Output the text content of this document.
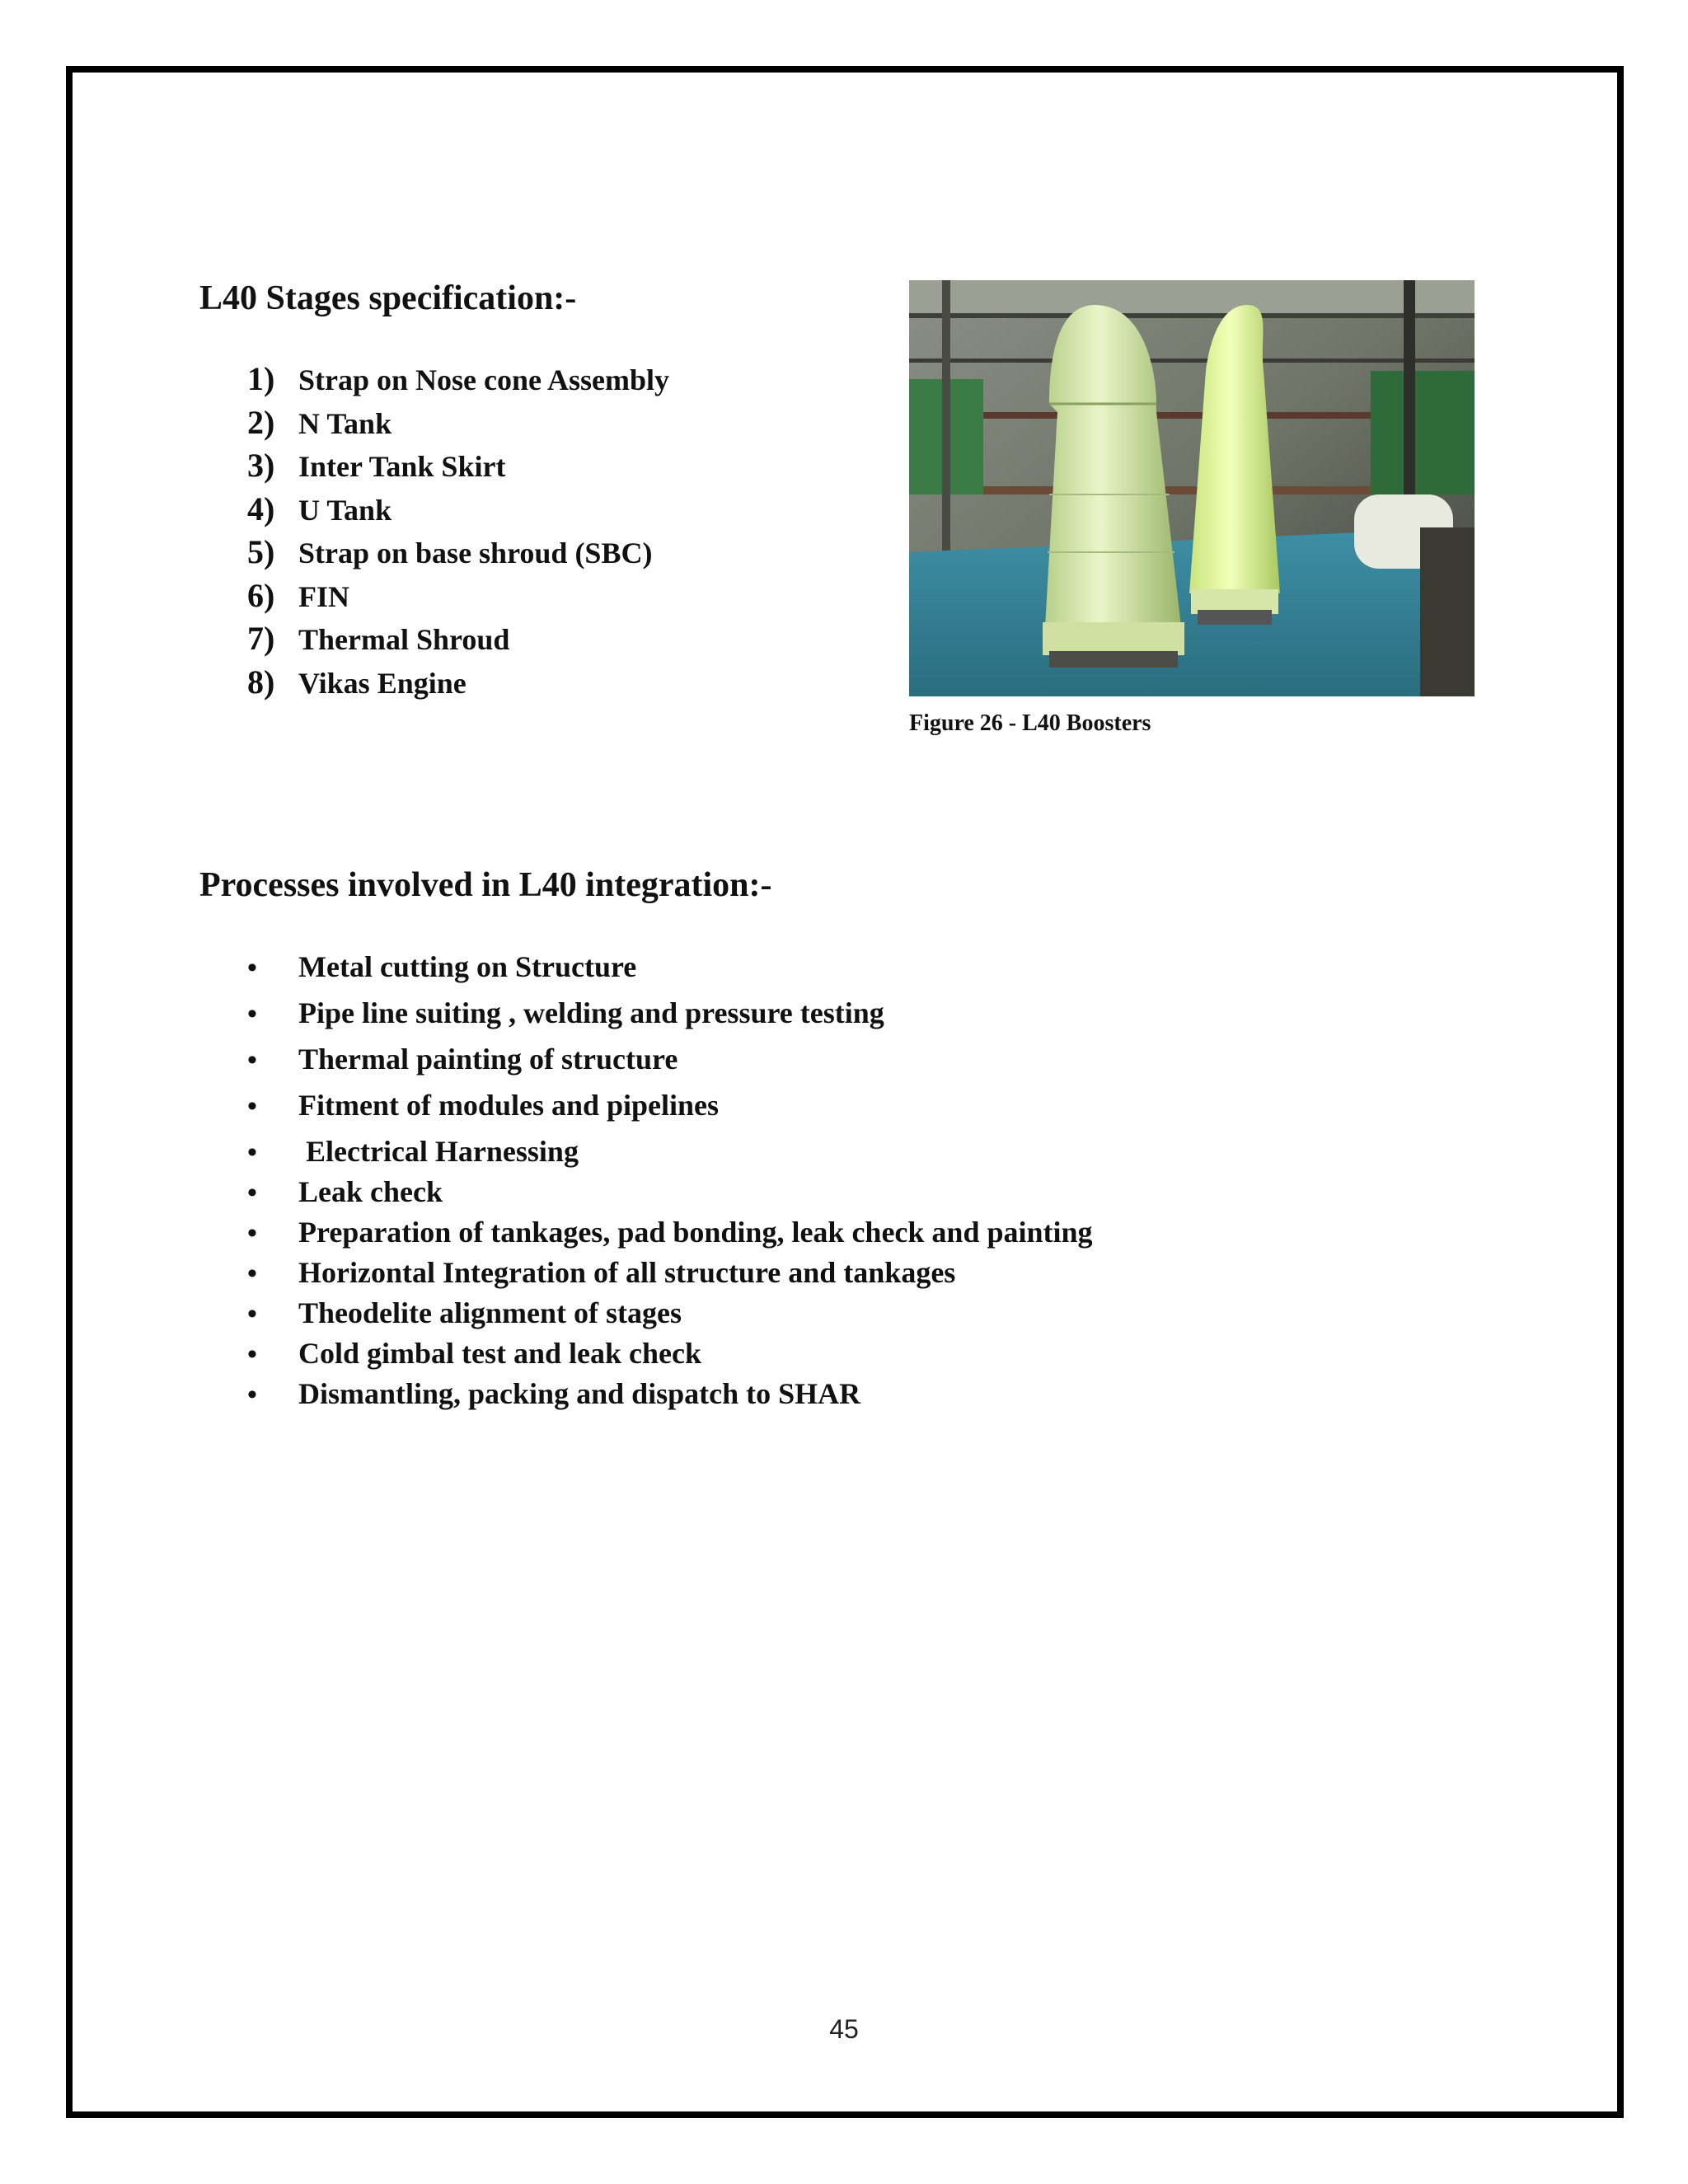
L40 Stages specification:-
1) Strap on Nose cone Assembly
2) N Tank
3) Inter Tank Skirt
4) U Tank
5) Strap on base shroud (SBC)
6) FIN
7) Thermal Shroud
8) Vikas Engine

Figure 26 - L40 Boosters

Processes involved in L40 integration:-
•	Metal cutting on Structure
•	Pipe line suiting , welding and pressure testing
•	Thermal painting of structure
•	Fitment of modules and pipelines
•	Electrical Harnessing
•	Leak check
•	Preparation of tankages, pad bonding, leak check and painting
•	Horizontal Integration of all structure and tankages
•	Theodelite alignment of stages
•	Cold gimbal test and leak check
•	Dismantling, packing and dispatch to SHAR
45
